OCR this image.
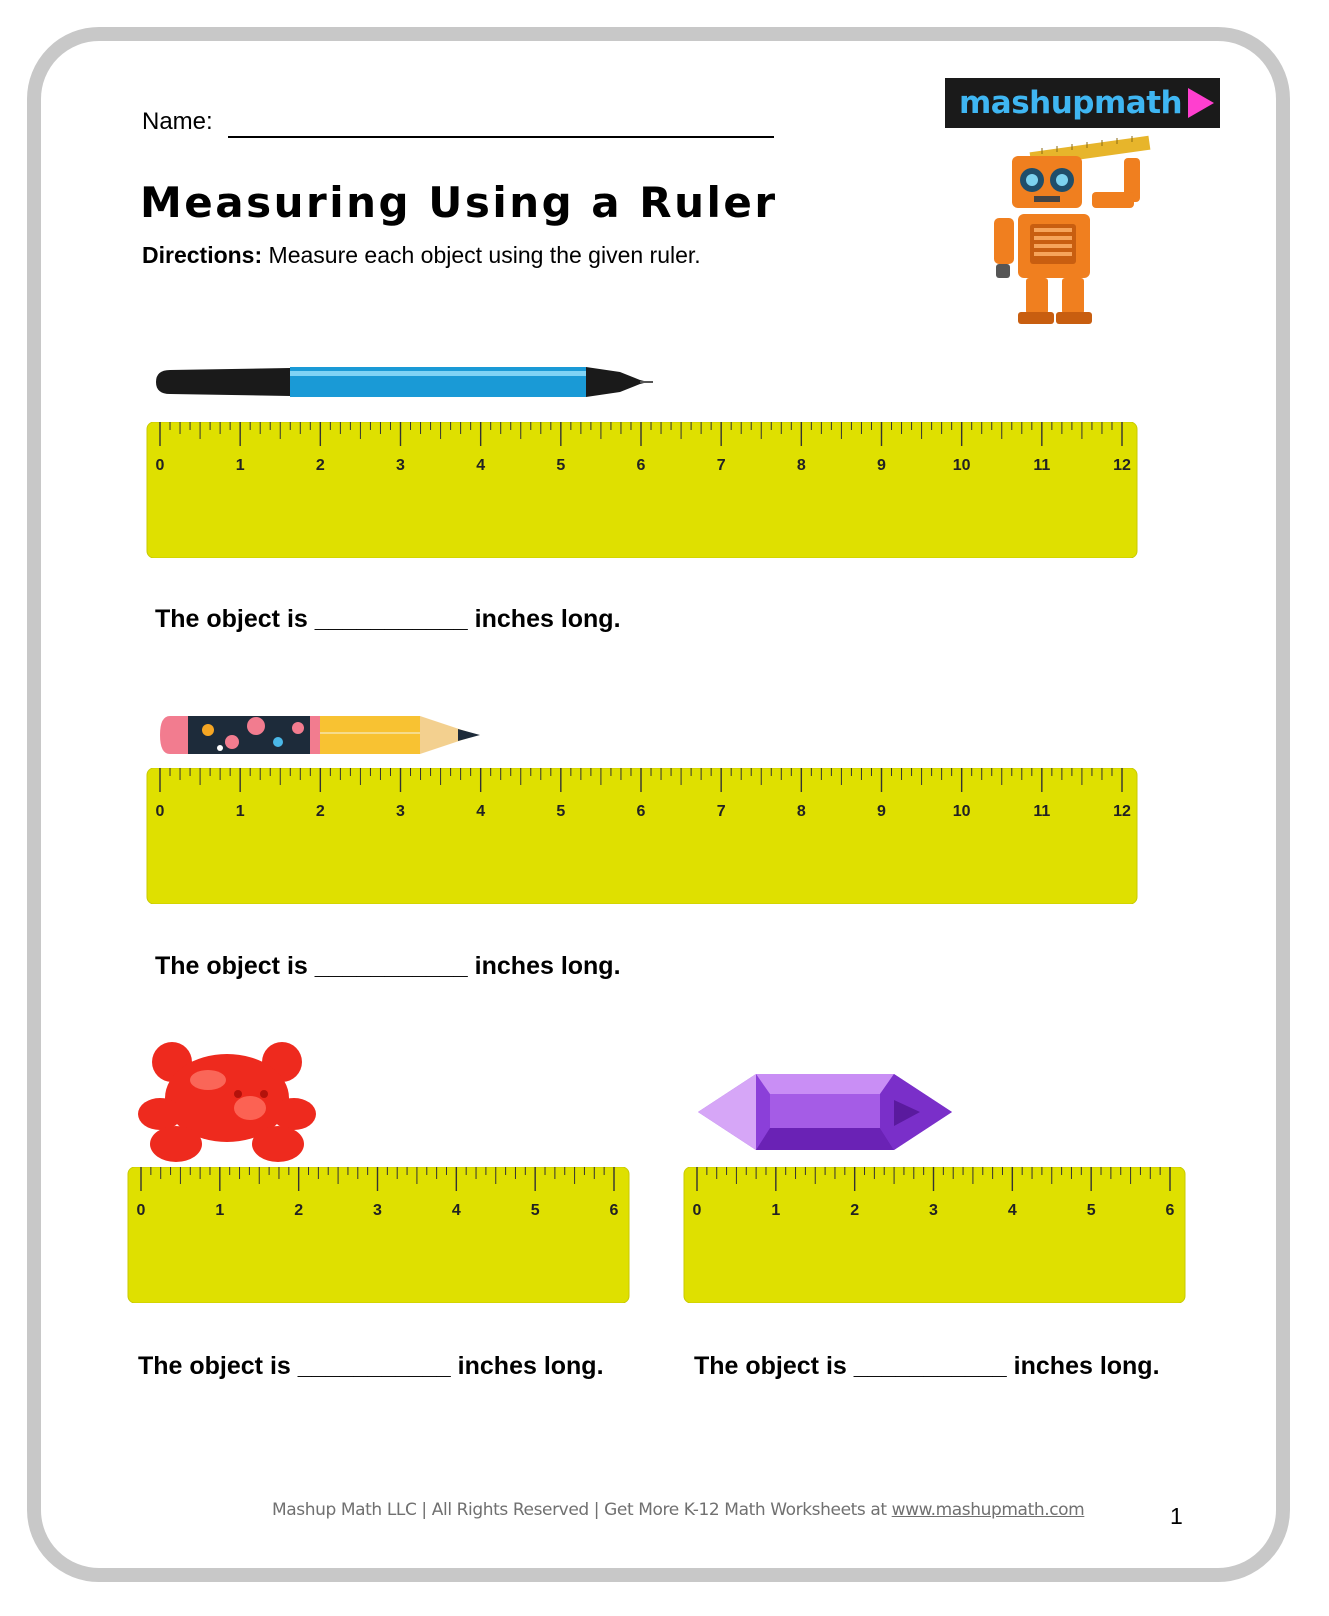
Name:
Measuring Using a Ruler
Directions: Measure each object using the given ruler.
mashupmath
0	1	2	3	4	5	6	7	8	9	10	11	12
The object is ___________ inches long.
0	1	2	3	4	5	6	7	8	9	10	11	12
The object is ___________ inches long.
0	1	2	3	4	5	6
The object is ___________ inches long.
0	1	2	3	4	5	6
The object is ___________ inches long.
Mashup Math LLC | All Rights Reserved | Get More K-12 Math Worksheets at www.mashupmath.com	1
